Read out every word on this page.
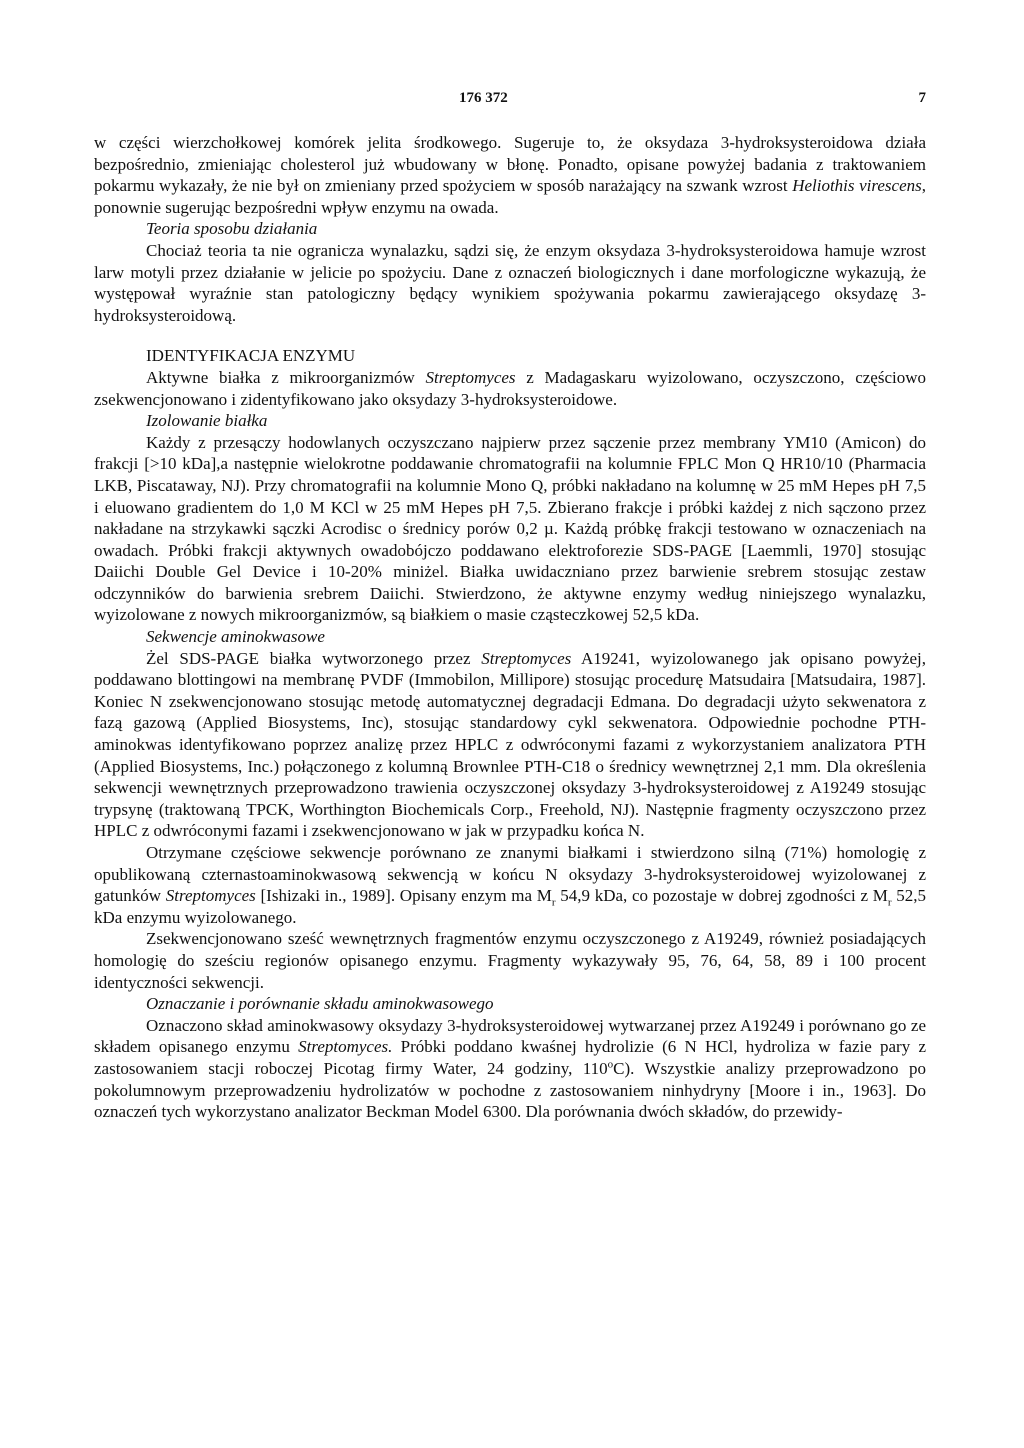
176 372	7

w części wierzchołkowej komórek jelita środkowego. Sugeruje to, że oksydaza 3-hydroksysteroidowa działa bezpośrednio, zmieniając cholesterol już wbudowany w błonę. Ponadto, opisane powyżej badania z traktowaniem pokarmu wykazały, że nie był on zmieniany przed spożyciem w sposób narażający na szwank wzrost Heliothis virescens, ponownie sugerując bezpośredni wpływ enzymu na owada.

Teoria sposobu działania

Chociaż teoria ta nie ogranicza wynalazku, sądzi się, że enzym oksydaza 3-hydroksysteroidowa hamuje wzrost larw motyli przez działanie w jelicie po spożyciu. Dane z oznaczeń biologicznych i dane morfologiczne wykazują, że występował wyraźnie stan patologiczny będący wynikiem spożywania pokarmu zawierającego oksydazę 3-hydroksysteroidową.

IDENTYFIKACJA ENZYMU

Aktywne białka z mikroorganizmów Streptomyces z Madagaskaru wyizolowano, oczyszczono, częściowo zsekwencjonowano i zidentyfikowano jako oksydazy 3-hydroksysteroidowe.

Izolowanie białka

Każdy z przesączy hodowlanych oczyszczano najpierw przez sączenie przez membrany YM10 (Amicon) do frakcji [>10 kDa],a następnie wielokrotne poddawanie chromatografii na kolumnie FPLC Mon Q HR10/10 (Pharmacia LKB, Piscataway, NJ). Przy chromatografii na kolumnie Mono Q, próbki nakładano na kolumnę w 25 mM Hepes pH 7,5 i eluowano gradientem do 1,0 M KCl w 25 mM Hepes pH 7,5. Zbierano frakcje i próbki każdej z nich sączono przez nakładane na strzykawki sączki Acrodisc o średnicy porów 0,2 µ. Każdą próbkę frakcji testowano w oznaczeniach na owadach. Próbki frakcji aktywnych owadobójczo poddawano elektroforezie SDS-PAGE [Laemmli, 1970] stosując Daiichi Double Gel Device i 10-20% miniżel. Białka uwidaczniano przez barwienie srebrem stosując zestaw odczynników do barwienia srebrem Daiichi. Stwierdzono, że aktywne enzymy według niniejszego wynalazku, wyizolowane z nowych mikroorganizmów, są białkiem o masie cząsteczkowej 52,5 kDa.

Sekwencje aminokwasowe

Żel SDS-PAGE białka wytworzonego przez Streptomyces A19241, wyizolowanego jak opisano powyżej, poddawano blottingowi na membranę PVDF (Immobilon, Millipore) stosując procedurę Matsudaira [Matsudaira, 1987]. Koniec N zsekwencjonowano stosując metodę automatycznej degradacji Edmana. Do degradacji użyto sekwenatora z fazą gazową (Applied Biosystems, Inc), stosując standardowy cykl sekwenatora. Odpowiednie pochodne PTH-aminokwas identyfikowano poprzez analizę przez HPLC z odwróconymi fazami z wykorzystaniem analizatora PTH (Applied Biosystems, Inc.) połączonego z kolumną Brownlee PTH-C18 o średnicy wewnętrznej 2,1 mm. Dla określenia sekwencji wewnętrznych przeprowadzono trawienia oczyszczonej oksydazy 3-hydroksysteroidowej z A19249 stosując trypsynę (traktowaną TPCK, Worthington Biochemicals Corp., Freehold, NJ). Następnie fragmenty oczyszczono przez HPLC z odwróconymi fazami i zsekwencjonowano w jak w przypadku końca N.

Otrzymane częściowe sekwencje porównano ze znanymi białkami i stwierdzono silną (71%) homologię z opublikowaną czternastoaminokwasową sekwencją w końcu N oksydazy 3-hydroksysteroidowej wyizolowanej z gatunków Streptomyces [Ishizaki in., 1989]. Opisany enzym ma $M_r$ 54,9 kDa, co pozostaje w dobrej zgodności z $M_r$ 52,5 kDa enzymu wyizolowanego.

Zsekwencjonowano sześć wewnętrznych fragmentów enzymu oczyszczonego z A19249, również posiadających homologię do sześciu regionów opisanego enzymu. Fragmenty wykazywały 95, 76, 64, 58, 89 i 100 procent identyczności sekwencji.

Oznaczanie i porównanie składu aminokwasowego

Oznaczono skład aminokwasowy oksydazy 3-hydroksysteroidowej wytwarzanej przez A19249 i porównano go ze składem opisanego enzymu Streptomyces. Próbki poddano kwaśnej hydrolizie (6 N HCl, hydroliza w fazie pary z zastosowaniem stacji roboczej Picotag firmy Water, 24 godziny, 110$^o$C). Wszystkie analizy przeprowadzono po pokolumnowym przeprowadzeniu hydrolizatów w pochodne z zastosowaniem ninhydryny [Moore i in., 1963]. Do oznaczeń tych wykorzystano analizator Beckman Model 6300. Dla porównania dwóch składów, do przewidy-
